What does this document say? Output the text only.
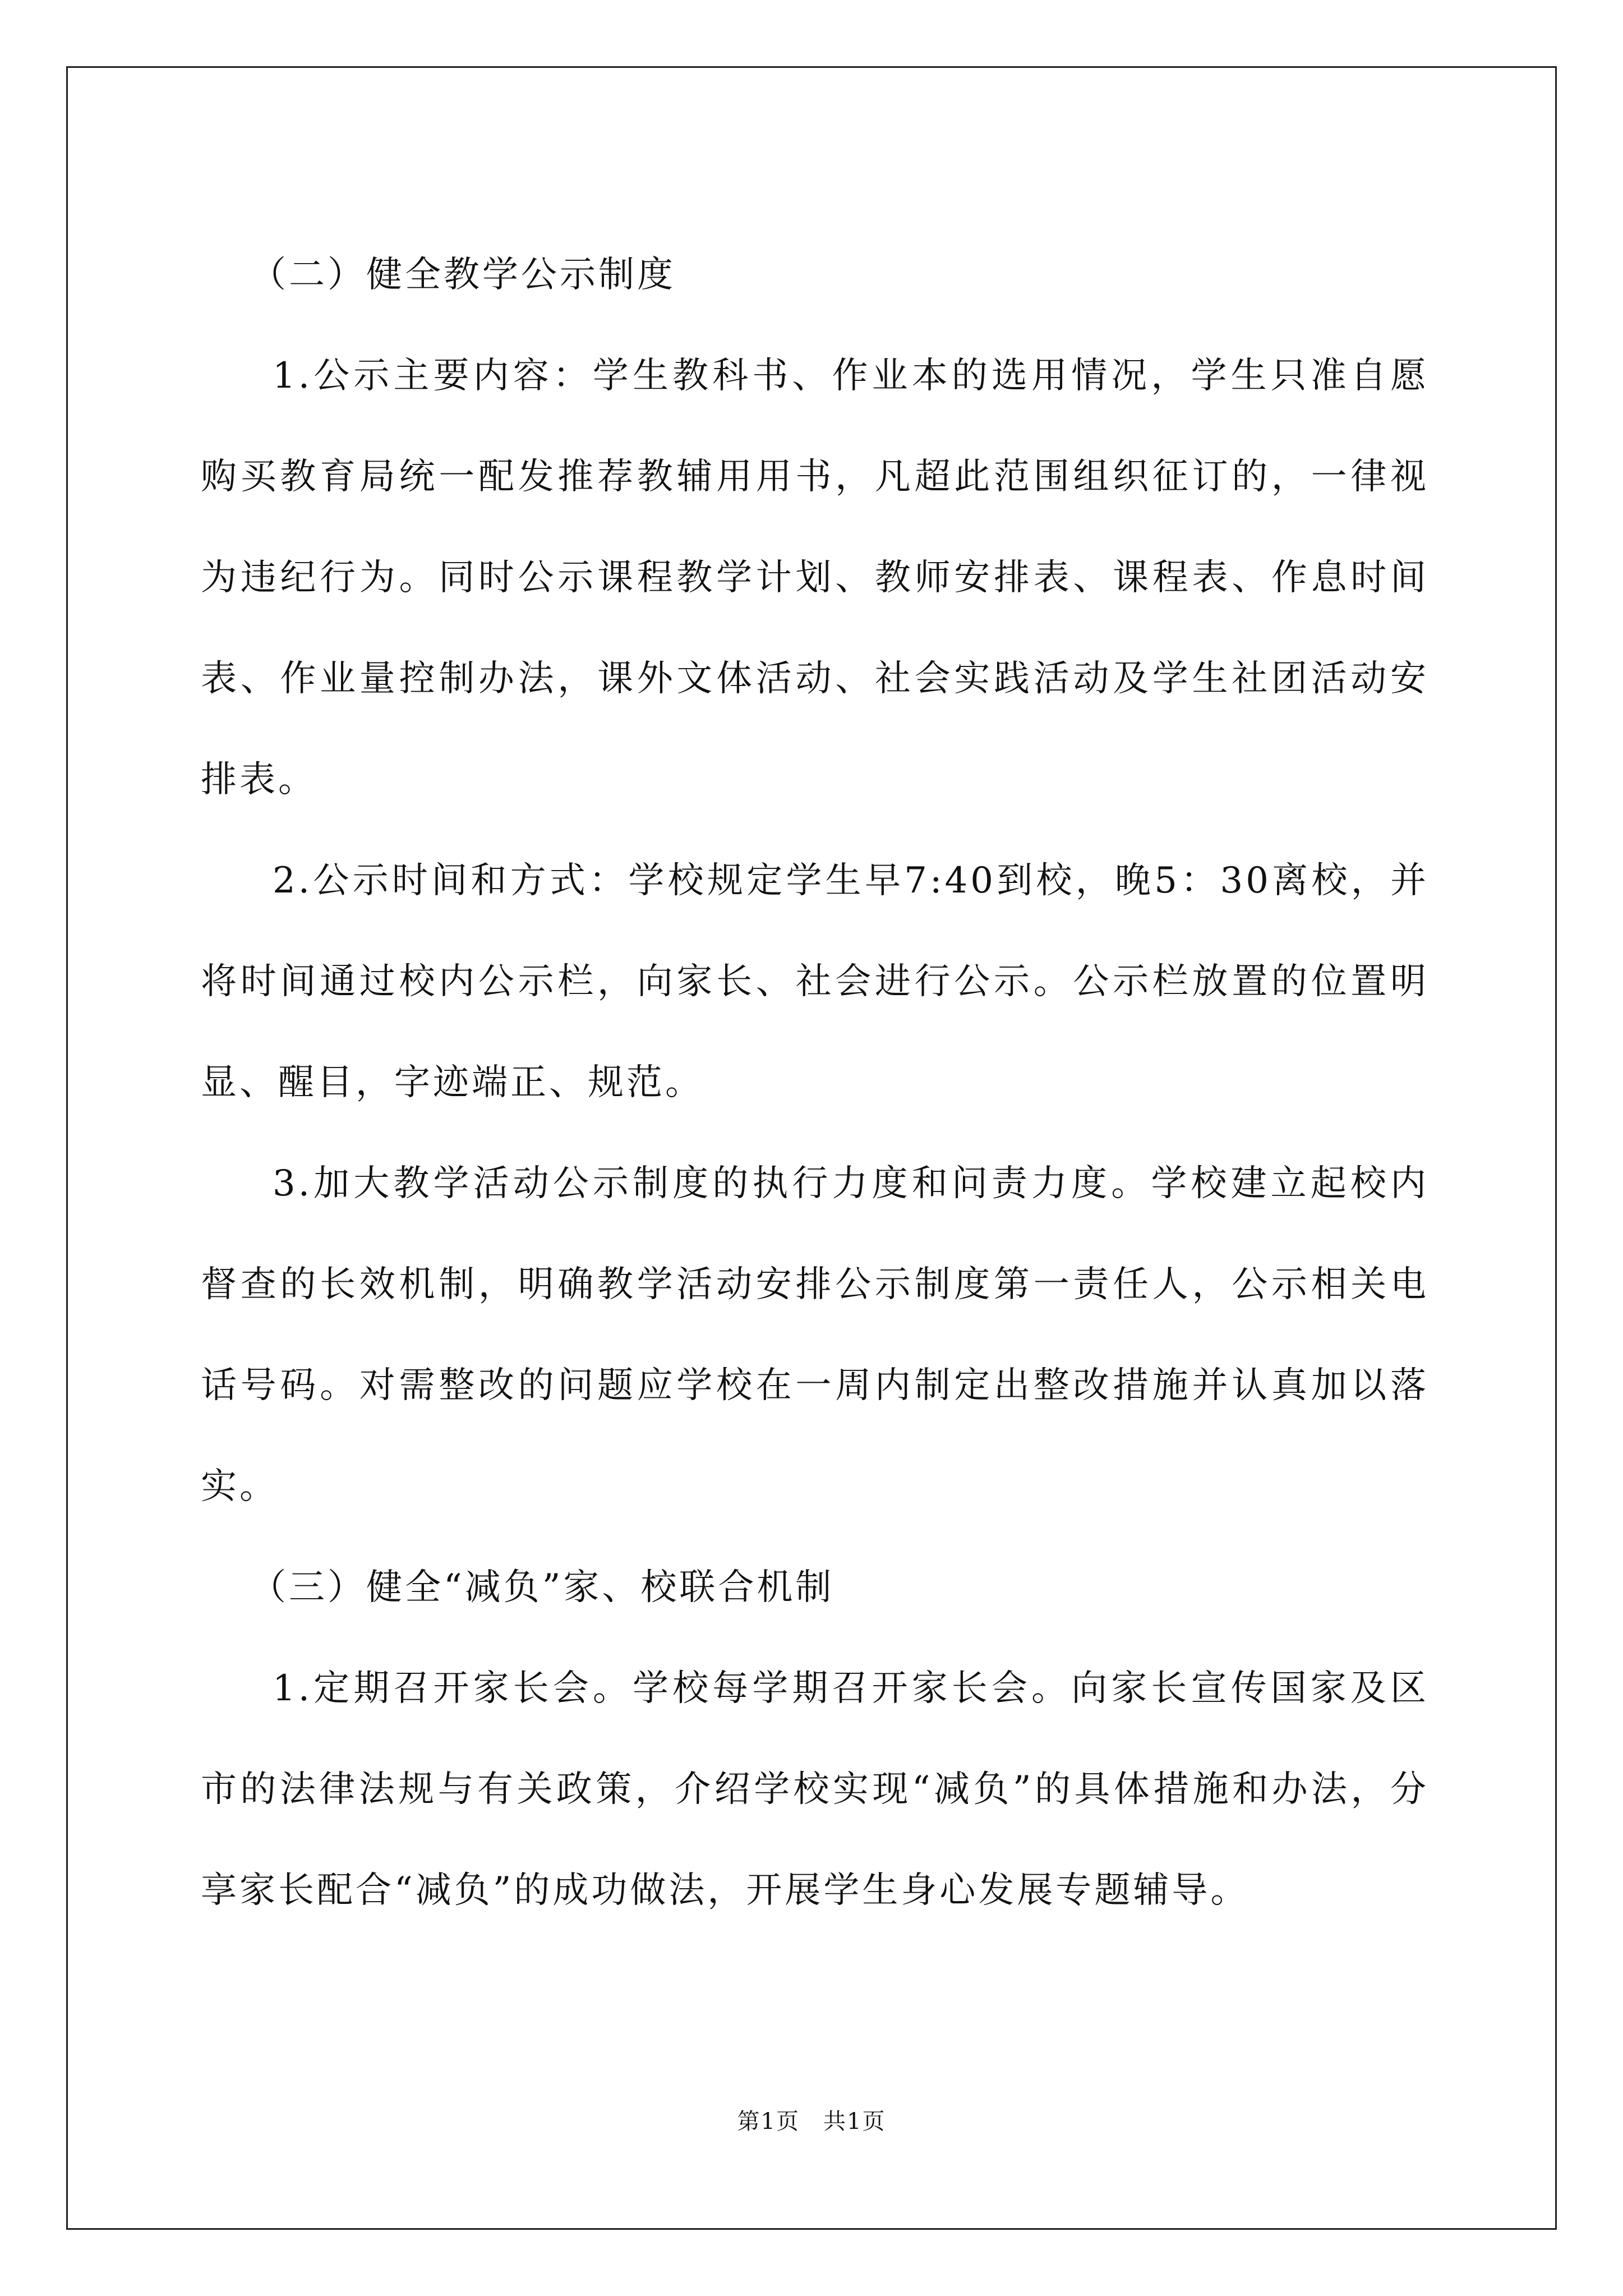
（二）健全教学公示制度

1.公示主要内容：学生教科书、作业本的选用情况，学生只准自愿购买教育局统一配发推荐教辅用用书，凡超此范围组织征订的，一律视为违纪行为。同时公示课程教学计划、教师安排表、课程表、作息时间表、作业量控制办法，课外文体活动、社会实践活动及学生社团活动安排表。

2.公示时间和方式：学校规定学生早7:40到校，晚5：30离校，并将时间通过校内公示栏，向家长、社会进行公示。公示栏放置的位置明显、醒目，字迹端正、规范。

3.加大教学活动公示制度的执行力度和问责力度。学校建立起校内督查的长效机制，明确教学活动安排公示制度第一责任人，公示相关电话号码。对需整改的问题应学校在一周内制定出整改措施并认真加以落实。

（三）健全“减负”家、校联合机制

1.定期召开家长会。学校每学期召开家长会。向家长宣传国家及区市的法律法规与有关政策，介绍学校实现“减负”的具体措施和办法，分享家长配合“减负”的成功做法，开展学生身心发展专题辅导。

第1页　共1页
